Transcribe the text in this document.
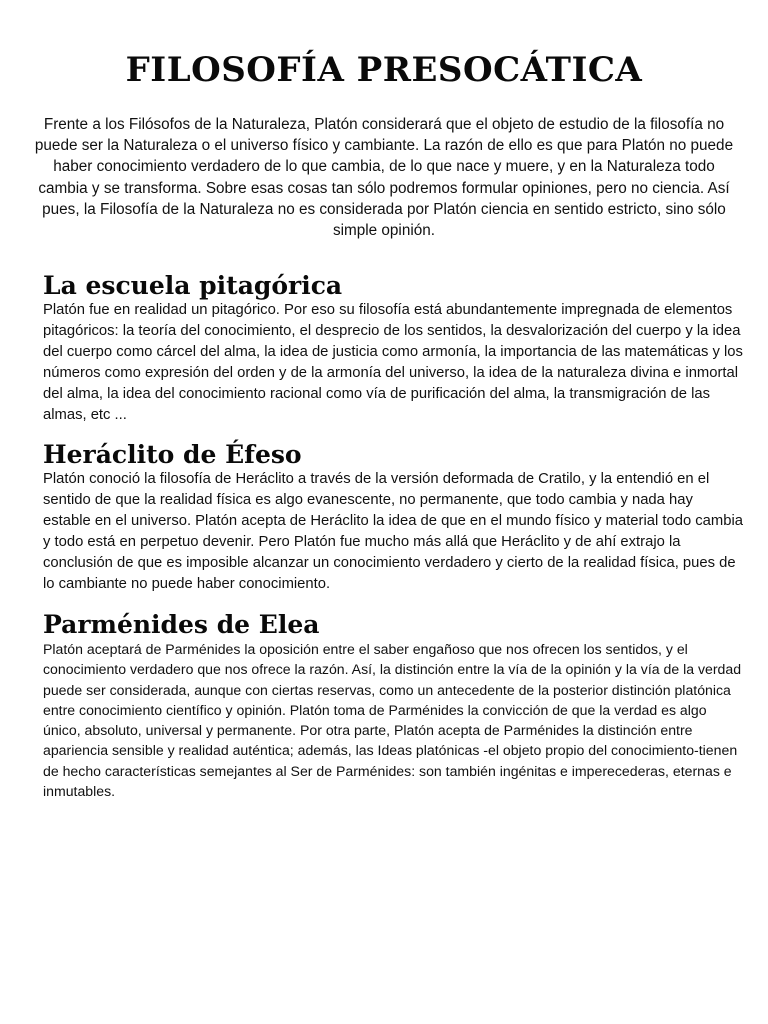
FILOSOFÍA PRESOCÁTICA

Frente a los Filósofos de la Naturaleza, Platón considerará que el objeto de estudio de la filosofía no puede ser la Naturaleza o el universo físico y cambiante. La razón de ello es que para Platón no puede haber conocimiento verdadero de lo que cambia, de lo que nace y muere, y en la Naturaleza todo cambia y se transforma. Sobre esas cosas tan sólo podremos formular opiniones, pero no ciencia. Así pues, la Filosofía de la Naturaleza no es considerada por Platón ciencia en sentido estricto, sino sólo simple opinión.

La escuela pitagórica

Platón fue en realidad un pitagórico. Por eso su filosofía está abundantemente impregnada de elementos pitagóricos: la teoría del conocimiento, el desprecio de los sentidos, la desvalorización del cuerpo y la idea del cuerpo como cárcel del alma, la idea de justicia como armonía, la importancia de las matemáticas y los números como expresión del orden y de la armonía del universo, la idea de la naturaleza divina e inmortal del alma, la idea del conocimiento racional como vía de purificación del alma, la transmigración de las almas, etc ...

Heráclito de Éfeso

Platón conoció la filosofía de Heráclito a través de la versión deformada de Cratilo, y la entendió en el sentido de que la realidad física es algo evanescente, no permanente, que todo cambia y nada hay estable en el universo. Platón acepta de Heráclito la idea de que en el mundo físico y material todo cambia y todo está en perpetuo devenir. Pero Platón fue mucho más allá que Heráclito y de ahí extrajo la conclusión de que es imposible alcanzar un conocimiento verdadero y cierto de la realidad física, pues de lo cambiante no puede haber conocimiento.

Parménides de Elea

Platón aceptará de Parménides la oposición entre el saber engañoso que nos ofrecen los sentidos, y el conocimiento verdadero que nos ofrece la razón. Así, la distinción entre la vía de la opinión y la vía de la verdad puede ser considerada, aunque con ciertas reservas, como un antecedente de la posterior distinción platónica entre conocimiento científico y opinión. Platón toma de Parménides la convicción de que la verdad es algo único, absoluto, universal y permanente. Por otra parte, Platón acepta de Parménides la distinción entre apariencia sensible y realidad auténtica; además, las Ideas platónicas -el objeto propio del conocimiento-tienen de hecho características semejantes al Ser de Parménides: son también ingénitas e imperecederas, eternas e inmutables.
